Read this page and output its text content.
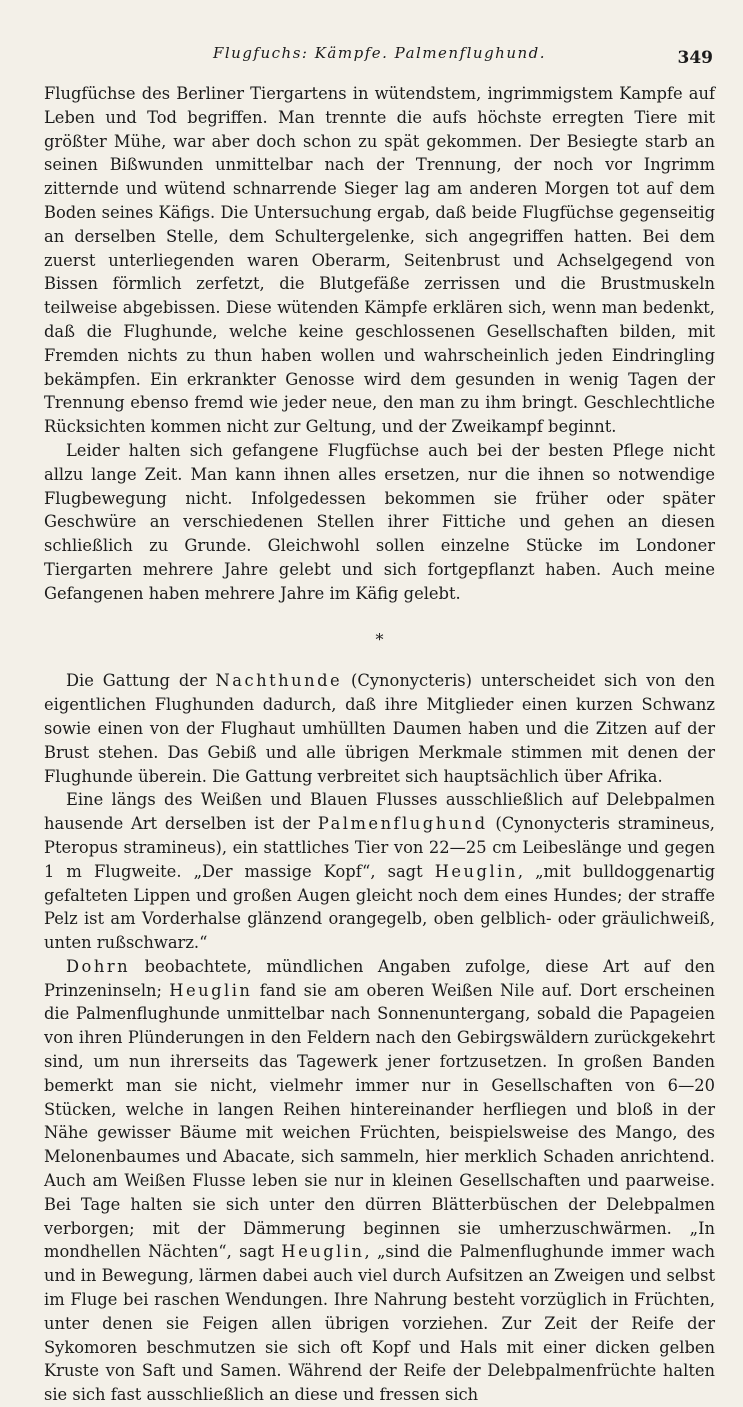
Flugfuchs: Kämpfe. Palmenflughund.	349

Flugfüchse des Berliner Tiergartens in wütendstem, ingrimmigstem Kampfe auf Leben und Tod begriffen. Man trennte die aufs höchste erregten Tiere mit größter Mühe, war aber doch schon zu spät gekommen. Der Besiegte starb an seinen Bißwunden unmittelbar nach der Trennung, der noch vor Ingrimm zitternde und wütend schnarrende Sieger lag am anderen Morgen tot auf dem Boden seines Käfigs. Die Untersuchung ergab, daß beide Flugfüchse gegenseitig an derselben Stelle, dem Schultergelenke, sich angegriffen hatten. Bei dem zuerst unterliegenden waren Oberarm, Seitenbrust und Achselgegend von Bissen förmlich zerfetzt, die Blutgefäße zerrissen und die Brustmuskeln teilweise abgebissen. Diese wütenden Kämpfe erklären sich, wenn man bedenkt, daß die Flughunde, welche keine geschlossenen Gesellschaften bilden, mit Fremden nichts zu thun haben wollen und wahrscheinlich jeden Eindringling bekämpfen. Ein erkrankter Genosse wird dem gesunden in wenig Tagen der Trennung ebenso fremd wie jeder neue, den man zu ihm bringt. Geschlechtliche Rücksichten kommen nicht zur Geltung, und der Zweikampf beginnt.

Leider halten sich gefangene Flugfüchse auch bei der besten Pflege nicht allzu lange Zeit. Man kann ihnen alles ersetzen, nur die ihnen so notwendige Flugbewegung nicht. Infolgedessen bekommen sie früher oder später Geschwüre an verschiedenen Stellen ihrer Fittiche und gehen an diesen schließlich zu Grunde. Gleichwohl sollen einzelne Stücke im Londoner Tiergarten mehrere Jahre gelebt und sich fortgepflanzt haben. Auch meine Gefangenen haben mehrere Jahre im Käfig gelebt.

*

Die Gattung der Nachthunde (Cynonycteris) unterscheidet sich von den eigentlichen Flughunden dadurch, daß ihre Mitglieder einen kurzen Schwanz sowie einen von der Flughaut umhüllten Daumen haben und die Zitzen auf der Brust stehen. Das Gebiß und alle übrigen Merkmale stimmen mit denen der Flughunde überein. Die Gattung verbreitet sich hauptsächlich über Afrika.

Eine längs des Weißen und Blauen Flusses ausschließlich auf Delebpalmen hausende Art derselben ist der Palmenflughund (Cynonycteris stramineus, Pteropus stramineus), ein stattliches Tier von 22—25 cm Leibeslänge und gegen 1 m Flugweite. „Der massige Kopf“, sagt Heuglin, „mit bulldoggenartig gefalteten Lippen und großen Augen gleicht noch dem eines Hundes; der straffe Pelz ist am Vorderhalse glänzend orangegelb, oben gelblich- oder gräulichweiß, unten rußschwarz.“

Dohrn beobachtete, mündlichen Angaben zufolge, diese Art auf den Prinzeninseln; Heuglin fand sie am oberen Weißen Nile auf. Dort erscheinen die Palmenflughunde unmittelbar nach Sonnenuntergang, sobald die Papageien von ihren Plünderungen in den Feldern nach den Gebirgswäldern zurückgekehrt sind, um nun ihrerseits das Tagewerk jener fortzusetzen. In großen Banden bemerkt man sie nicht, vielmehr immer nur in Gesellschaften von 6—20 Stücken, welche in langen Reihen hintereinander herfliegen und bloß in der Nähe gewisser Bäume mit weichen Früchten, beispielsweise des Mango, des Melonenbaumes und Abacate, sich sammeln, hier merklich Schaden anrichtend. Auch am Weißen Flusse leben sie nur in kleinen Gesellschaften und paarweise. Bei Tage halten sie sich unter den dürren Blätterbüschen der Delebpalmen verborgen; mit der Dämmerung beginnen sie umherzuschwärmen. „In mondhellen Nächten“, sagt Heuglin, „sind die Palmenflughunde immer wach und in Bewegung, lärmen dabei auch viel durch Aufsitzen an Zweigen und selbst im Fluge bei raschen Wendungen. Ihre Nahrung besteht vorzüglich in Früchten, unter denen sie Feigen allen übrigen vorziehen. Zur Zeit der Reife der Sykomoren beschmutzen sie sich oft Kopf und Hals mit einer dicken gelben Kruste von Saft und Samen. Während der Reife der Delebpalmenfrüchte halten sie sich fast ausschließlich an diese und fressen sich
